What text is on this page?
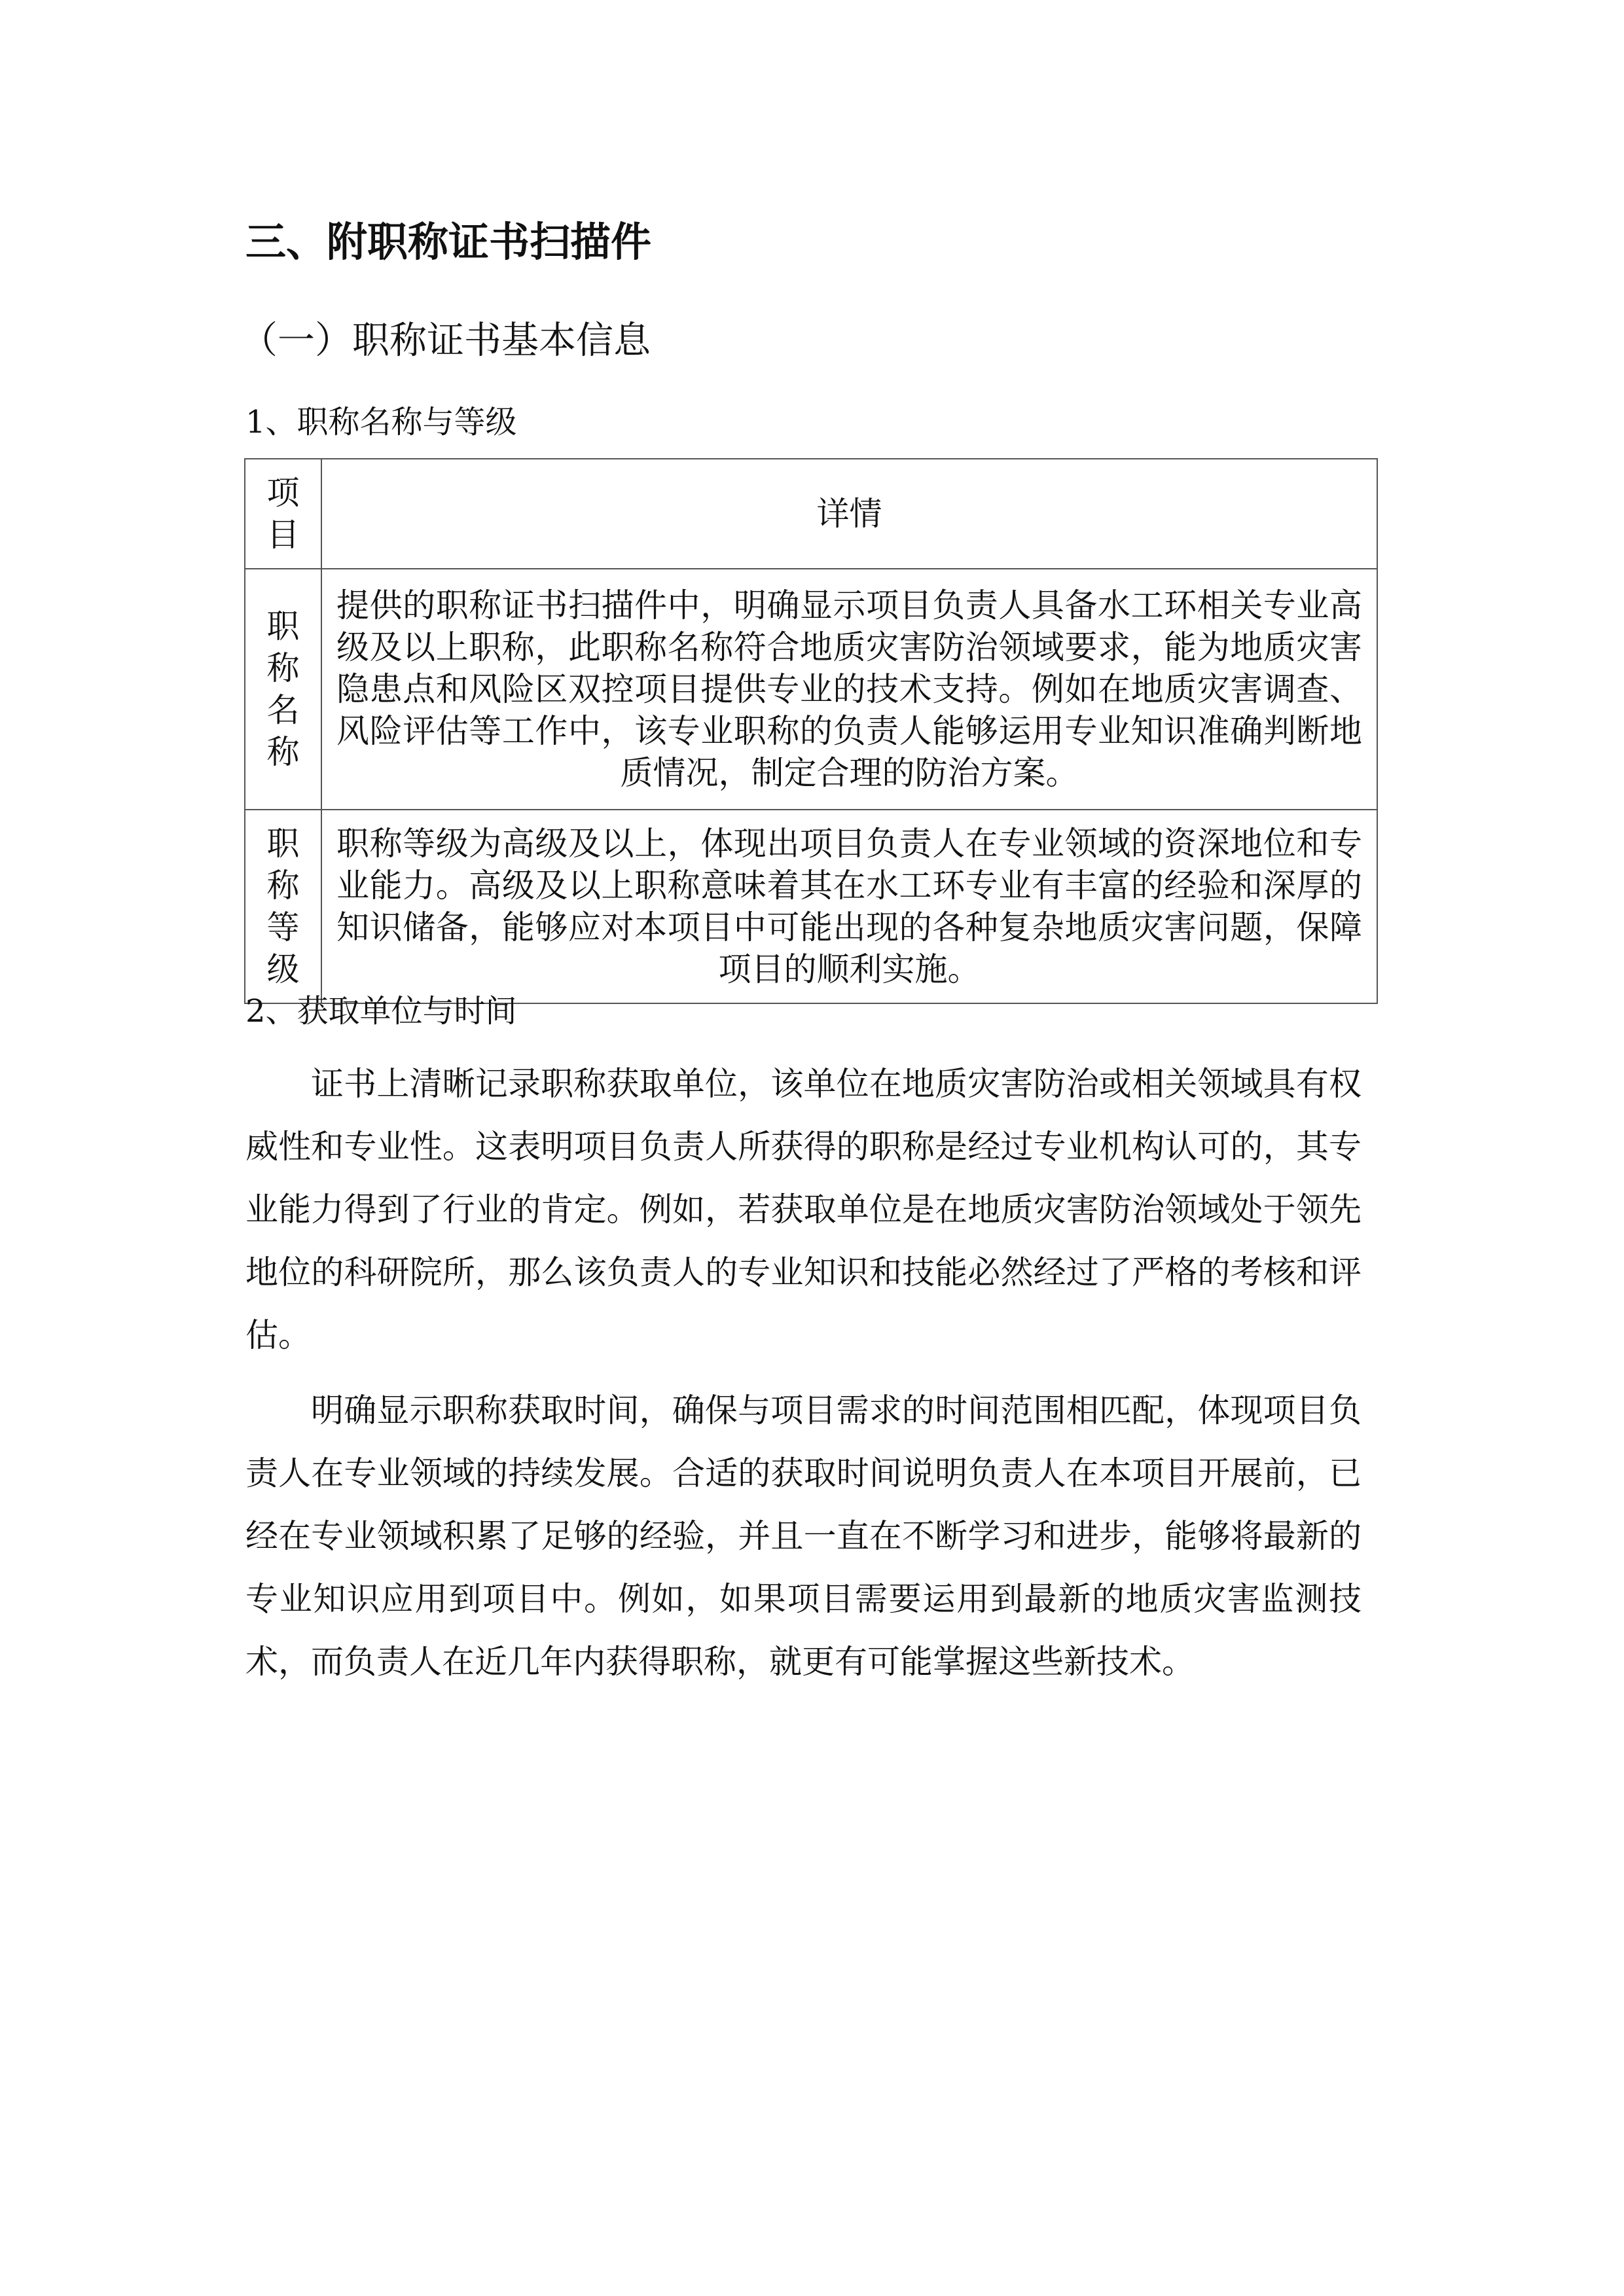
三、附职称证书扫描件
（一）职称证书基本信息
1、职称名称与等级
项目	详情
职称名称	提供的职称证书扫描件中，明确显示项目负责人具备水工环相关专业高级及以上职称，此职称名称符合地质灾害防治领域要求，能为地质灾害隐患点和风险区双控项目提供专业的技术支持。例如在地质灾害调查、风险评估等工作中，该专业职称的负责人能够运用专业知识准确判断地质情况，制定合理的防治方案。
职称等级	职称等级为高级及以上，体现出项目负责人在专业领域的资深地位和专业能力。高级及以上职称意味着其在水工环专业有丰富的经验和深厚的知识储备，能够应对本项目中可能出现的各种复杂地质灾害问题，保障项目的顺利实施。
2、获取单位与时间

证书上清晰记录职称获取单位，该单位在地质灾害防治或相关领域具有权威性和专业性。这表明项目负责人所获得的职称是经过专业机构认可的，其专业能力得到了行业的肯定。例如，若获取单位是在地质灾害防治领域处于领先地位的科研院所，那么该负责人的专业知识和技能必然经过了严格的考核和评估。

明确显示职称获取时间，确保与项目需求的时间范围相匹配，体现项目负责人在专业领域的持续发展。合适的获取时间说明负责人在本项目开展前，已经在专业领域积累了足够的经验，并且一直在不断学习和进步，能够将最新的专业知识应用到项目中。例如，如果项目需要运用到最新的地质灾害监测技术，而负责人在近几年内获得职称，就更有可能掌握这些新技术。
